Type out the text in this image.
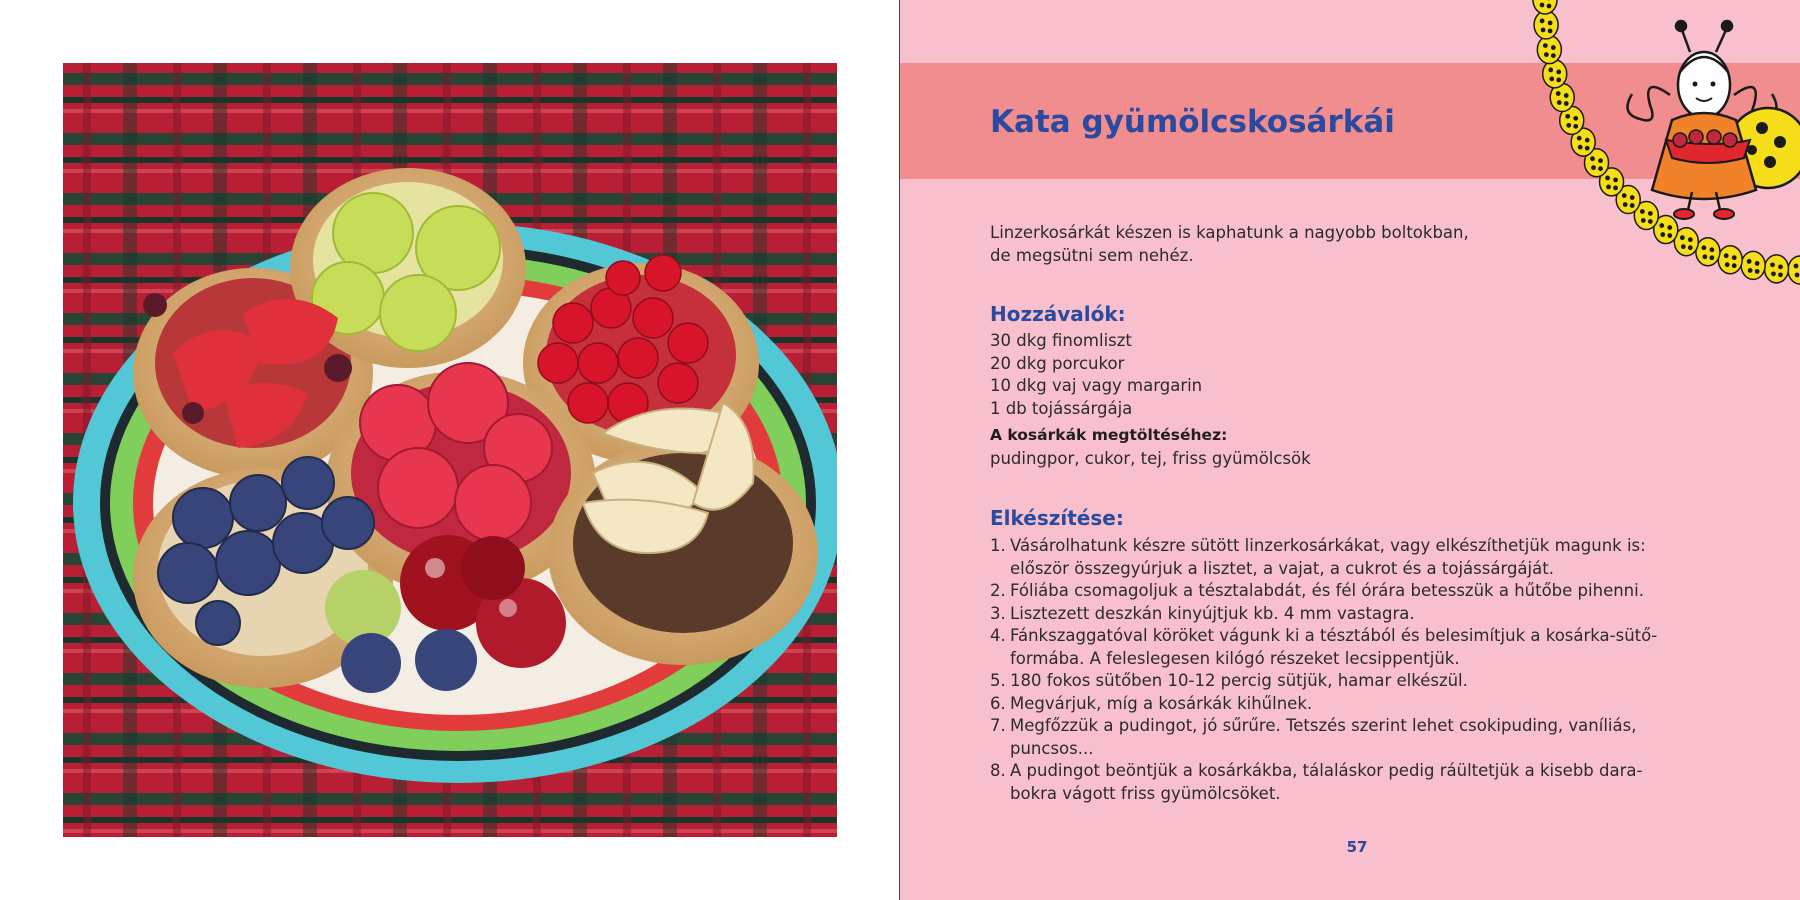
Kata gyümölcskosárkái
Linzerkosárkát készen is kaphatunk a nagyobb boltokban,
de megsütni sem nehéz.
Hozzávalók:
30 dkg finomliszt
20 dkg porcukor
10 dkg vaj vagy margarin
1 db tojássárgája
A kosárkák megtöltéséhez:
pudingpor, cukor, tej, friss gyümölcsök
Elkészítése:
1. Vásárolhatunk készre sütött linzerkosárkákat, vagy elkészíthetjük magunk is:
először összegyúrjuk a lisztet, a vajat, a cukrot és a tojássárgáját.
2. Fóliába csomagoljuk a tésztalabdát, és fél órára betesszük a hűtőbe pihenni.
3. Lisztezett deszkán kinyújtjuk kb. 4 mm vastagra.
4. Fánkszaggatóval köröket vágunk ki a tésztából és belesimítjuk a kosárka-sütő-
formába. A feleslegesen kilógó részeket lecsippentjük.
5. 180 fokos sütőben 10-12 percig sütjük, hamar elkészül.
6. Megvárjuk, míg a kosárkák kihűlnek.
7. Megfőzzük a pudingot, jó sűrűre. Tetszés szerint lehet csokipuding, vaníliás,
puncsos...
8. A pudingot beöntjük a kosárkákba, tálaláskor pedig ráültetjük a kisebb dara-
bokra vágott friss gyümölcsöket.
57
